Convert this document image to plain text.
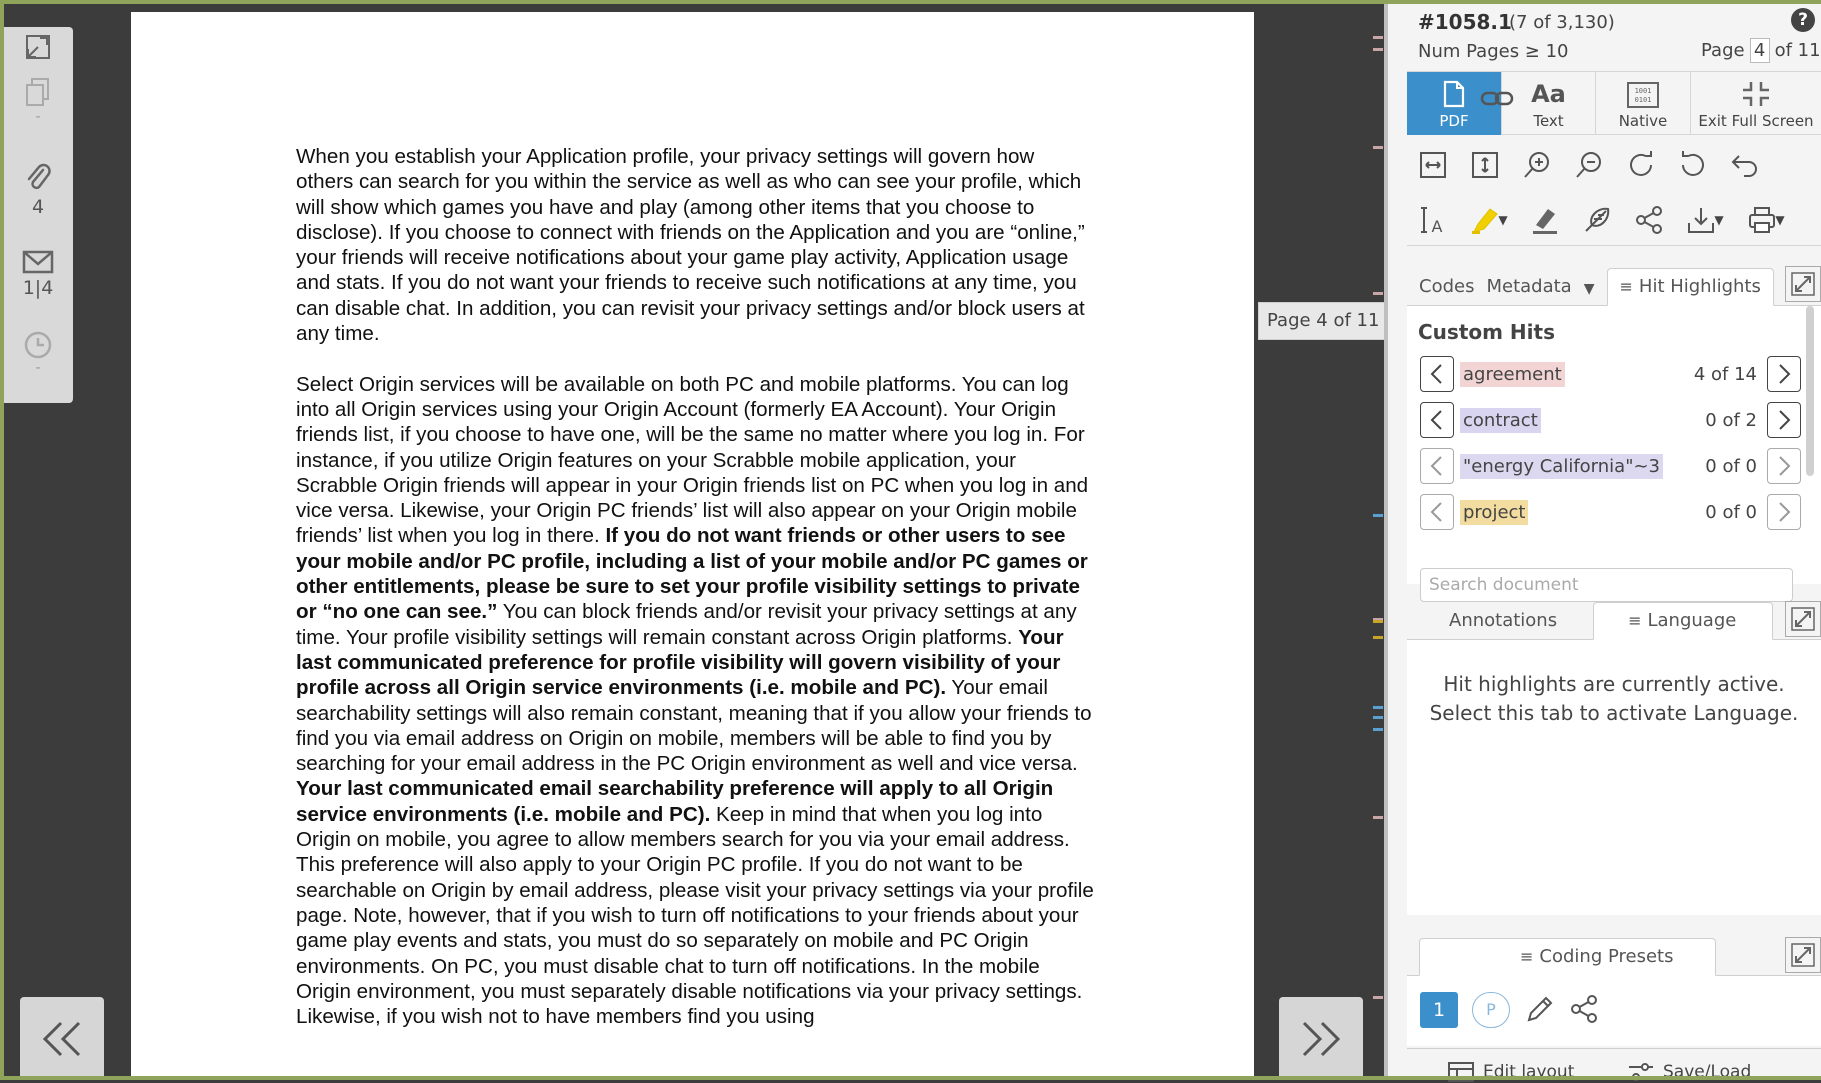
-
4
1|4
-

When you establish your Application profile, your privacy settings will govern how others can search for you within the service as well as who can see your profile, which will show which games you have and play (among other items that you choose to disclose). If you choose to connect with friends on the Application and you are “online,” your friends will receive notifications about your game play activity, Application usage and stats. If you do not want your friends to receive such notifications at any time, you can disable chat. In addition, you can revisit your privacy settings and/or block users at any time.

Select Origin services will be available on both PC and mobile platforms. You can log into all Origin services using your Origin Account (formerly EA Account). Your Origin friends list, if you choose to have one, will be the same no matter where you log in. For instance, if you utilize Origin features on your Scrabble mobile application, your Scrabble Origin friends will appear in your Origin friends list on PC when you log in and vice versa. Likewise, your Origin PC friends’ list will also appear on your Origin mobile friends’ list when you log in there. If you do not want friends or other users to see your mobile and/or PC profile, including a list of your mobile and/or PC games or other entitlements, please be sure to set your profile visibility settings to private or “no one can see.” You can block friends and/or revisit your privacy settings at any time. Your profile visibility settings will remain constant across Origin platforms. Your last communicated preference for profile visibility will govern visibility of your profile across all Origin service environments (i.e. mobile and PC). Your email searchability settings will also remain constant, meaning that if you allow your friends to find you via email address on Origin on mobile, members will be able to find you by searching for your email address in the PC Origin environment as well and vice versa. Your last communicated email searchability preference will apply to all Origin service environments (i.e. mobile and PC). Keep in mind that when you log into Origin on mobile, you agree to allow members search for you via your email address. This preference will also apply to your Origin PC profile. If you do not want to be searchable on Origin by email address, please visit your privacy settings via your profile page. Note, however, that if you wish to turn off notifications to your friends about your game play events and stats, you must do so separately on mobile and PC Origin environments. On PC, you must disable chat to turn off notifications. In the mobile Origin environment, you must separately disable notifications via your privacy settings. Likewise, if you wish not to have members find you using

Page 4 of 11
#1058.1
(7 of 3,130)	?
Num Pages ≥ 10	Page 4 of 11
PDF
Aa
Text
1001
0101
Native	Exit Full Screen
A	▼	▼	▼
Codes Metadata ▼	≡ Hit Highlights
Custom Hits
agreement	4 of 14
contract	0 of 2
"energy California"~3	0 of 0
project	0 of 0
Search document
Annotations	≡ Language
Hit highlights are currently active.
Select this tab to activate Language.
≡ Coding Presets
1	P
Edit layout	Save/Load
